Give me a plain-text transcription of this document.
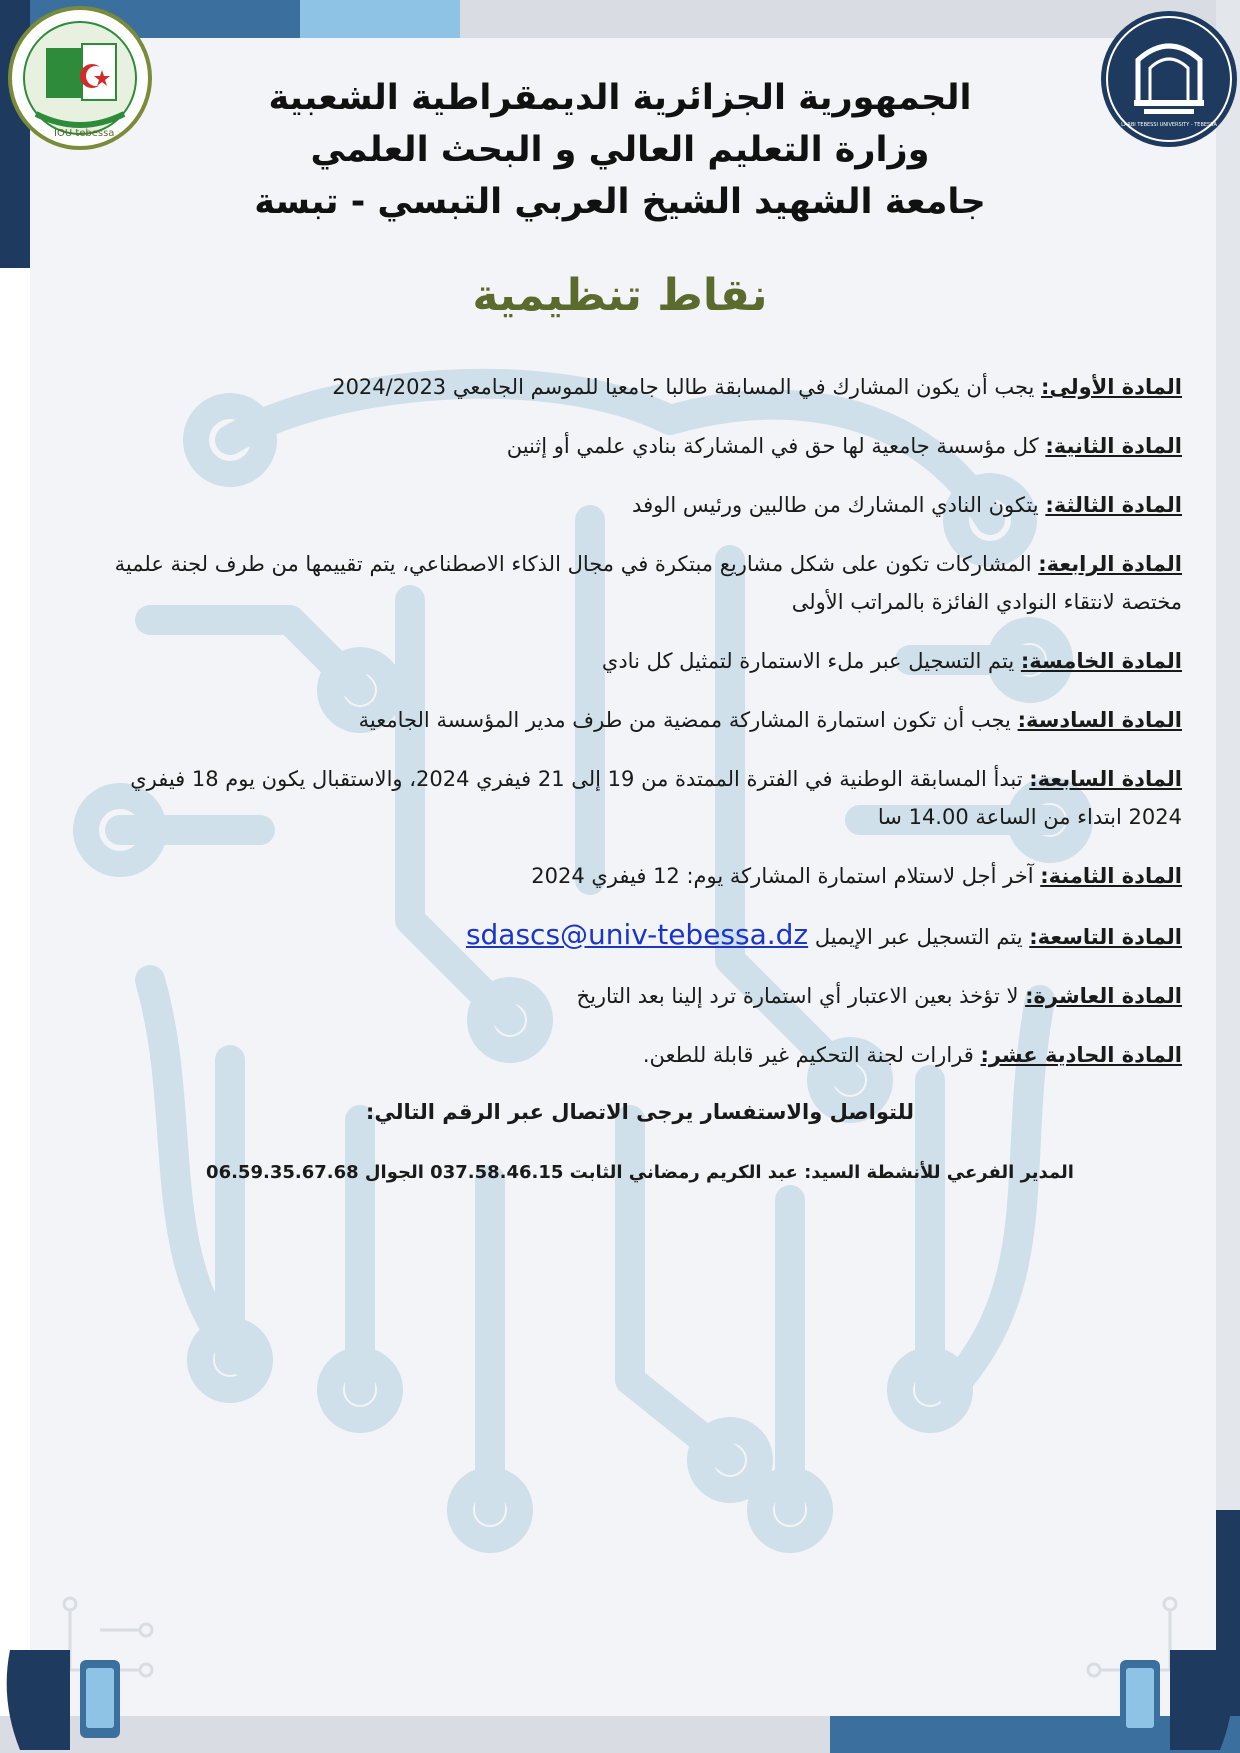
IOU tebessa
LARBI TEBESSI UNIVERSITY - TEBESSA
الجمهورية الجزائرية الديمقراطية الشعبية
وزارة التعليم العالي و البحث العلمي
جامعة الشهيد الشيخ العربي التبسي - تبسة
نقاط تنظيمية
المادة الأولى: يجب أن يكون المشارك في المسابقة طالبا جامعيا للموسم الجامعي 2024/2023
المادة الثانية: كل مؤسسة جامعية لها حق في المشاركة بنادي علمي أو إثنين
المادة الثالثة: يتكون النادي المشارك من طالبين ورئيس الوفد
المادة الرابعة: المشاركات تكون على شكل مشاريع مبتكرة في مجال الذكاء الاصطناعي، يتم تقييمها من طرف لجنة علمية مختصة لانتقاء النوادي الفائزة بالمراتب الأولى
المادة الخامسة: يتم التسجيل عبر ملء الاستمارة لتمثيل كل نادي
المادة السادسة: يجب أن تكون استمارة المشاركة ممضية من طرف مدير المؤسسة الجامعية
المادة السابعة: تبدأ المسابقة الوطنية في الفترة الممتدة من 19 إلى 21 فيفري 2024، والاستقبال يكون يوم 18 فيفري 2024 ابتداء من الساعة 14.00 سا
المادة الثامنة: آخر أجل لاستلام استمارة المشاركة يوم: 12 فيفري 2024
المادة التاسعة: يتم التسجيل عبر الإيميل sdascs@univ-tebessa.dz
المادة العاشرة: لا تؤخذ بعين الاعتبار أي استمارة ترد إلينا بعد التاريخ
المادة الحادية عشر: قرارات لجنة التحكيم غير قابلة للطعن.
للتواصل والاستفسار يرجى الاتصال عبر الرقم التالي:
المدير الفرعي للأنشطة السيد: عبد الكريم رمضاني الثابت 037.58.46.15 الجوال 06.59.35.67.68
